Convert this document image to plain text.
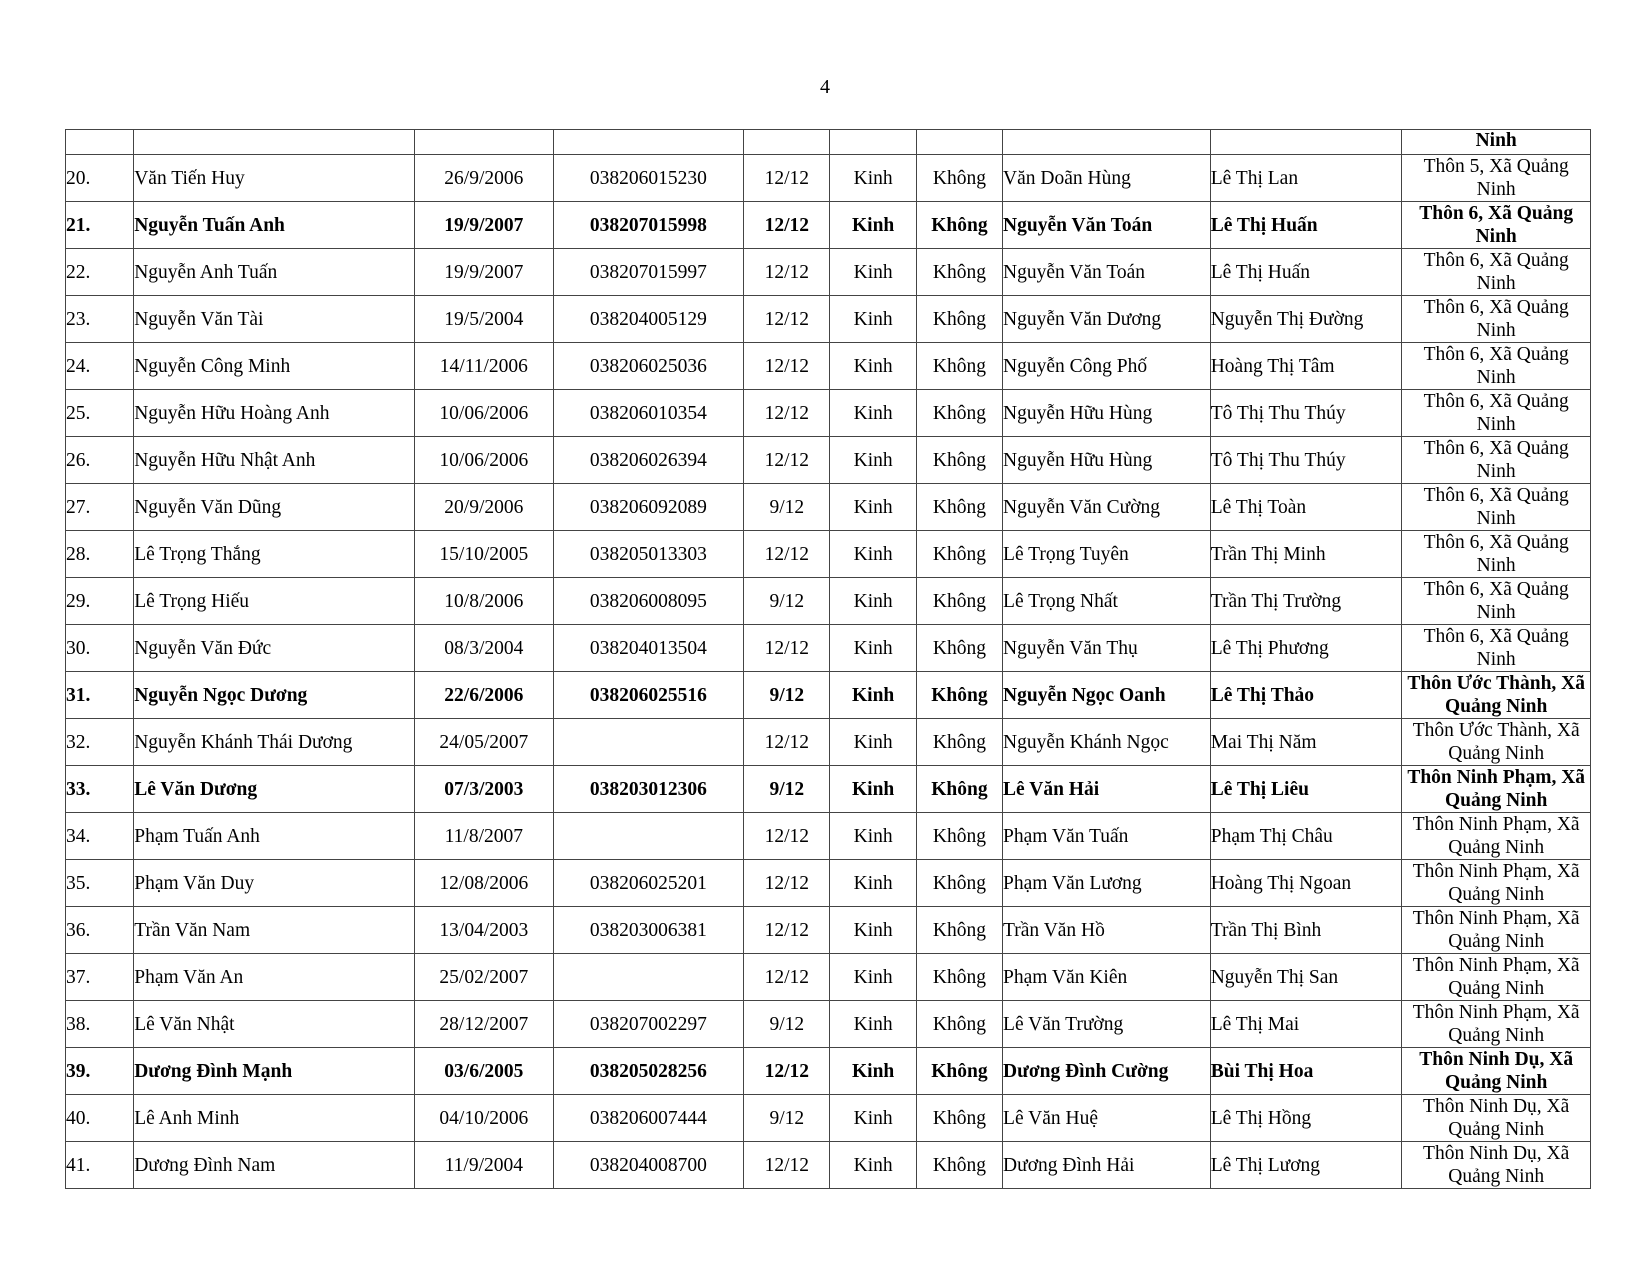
4
									Ninh
20.	Văn Tiến Huy	26/9/2006	038206015230	12/12	Kinh	Không	Văn Doãn Hùng	Lê Thị Lan	Thôn 5, Xã Quảng Ninh
21.	Nguyễn Tuấn Anh	19/9/2007	038207015998	12/12	Kinh	Không	Nguyễn Văn Toán	Lê Thị Huấn	Thôn 6, Xã Quảng Ninh
22.	Nguyễn Anh Tuấn	19/9/2007	038207015997	12/12	Kinh	Không	Nguyễn Văn Toán	Lê Thị Huấn	Thôn 6, Xã Quảng Ninh
23.	Nguyễn Văn Tài	19/5/2004	038204005129	12/12	Kinh	Không	Nguyễn Văn Dương	Nguyễn Thị Đường	Thôn 6, Xã Quảng Ninh
24.	Nguyễn Công Minh	14/11/2006	038206025036	12/12	Kinh	Không	Nguyễn Công Phố	Hoàng Thị Tâm	Thôn 6, Xã Quảng Ninh
25.	Nguyễn Hữu Hoàng Anh	10/06/2006	038206010354	12/12	Kinh	Không	Nguyễn Hữu Hùng	Tô Thị Thu Thúy	Thôn 6, Xã Quảng Ninh
26.	Nguyễn Hữu Nhật Anh	10/06/2006	038206026394	12/12	Kinh	Không	Nguyễn Hữu Hùng	Tô Thị Thu Thúy	Thôn 6, Xã Quảng Ninh
27.	Nguyễn Văn Dũng	20/9/2006	038206092089	9/12	Kinh	Không	Nguyễn Văn Cường	Lê Thị Toàn	Thôn 6, Xã Quảng Ninh
28.	Lê Trọng Thắng	15/10/2005	038205013303	12/12	Kinh	Không	Lê Trọng Tuyên	Trần Thị Minh	Thôn 6, Xã Quảng Ninh
29.	Lê Trọng Hiếu	10/8/2006	038206008095	9/12	Kinh	Không	Lê Trọng Nhất	Trần Thị Trường	Thôn 6, Xã Quảng Ninh
30.	Nguyễn Văn Đức	08/3/2004	038204013504	12/12	Kinh	Không	Nguyễn Văn Thụ	Lê Thị Phương	Thôn 6, Xã Quảng Ninh
31.	Nguyễn Ngọc Dương	22/6/2006	038206025516	9/12	Kinh	Không	Nguyễn Ngọc Oanh	Lê Thị Thảo	Thôn Ước Thành, Xã Quảng Ninh
32.	Nguyễn Khánh Thái Dương	24/05/2007		12/12	Kinh	Không	Nguyễn Khánh Ngọc	Mai Thị Năm	Thôn Ước Thành, Xã Quảng Ninh
33.	Lê Văn Dương	07/3/2003	038203012306	9/12	Kinh	Không	Lê Văn Hải	Lê Thị Liêu	Thôn Ninh Phạm, Xã Quảng Ninh
34.	Phạm Tuấn Anh	11/8/2007		12/12	Kinh	Không	Phạm Văn Tuấn	Phạm Thị Châu	Thôn Ninh Phạm, Xã Quảng Ninh
35.	Phạm Văn Duy	12/08/2006	038206025201	12/12	Kinh	Không	Phạm Văn Lương	Hoàng Thị Ngoan	Thôn Ninh Phạm, Xã Quảng Ninh
36.	Trần Văn Nam	13/04/2003	038203006381	12/12	Kinh	Không	Trần Văn Hồ	Trần Thị Bình	Thôn Ninh Phạm, Xã Quảng Ninh
37.	Phạm Văn An	25/02/2007		12/12	Kinh	Không	Phạm Văn Kiên	Nguyễn Thị San	Thôn Ninh Phạm, Xã Quảng Ninh
38.	Lê Văn Nhật	28/12/2007	038207002297	9/12	Kinh	Không	Lê Văn Trường	Lê Thị Mai	Thôn Ninh Phạm, Xã Quảng Ninh
39.	Dương Đình Mạnh	03/6/2005	038205028256	12/12	Kinh	Không	Dương Đình Cường	Bùi Thị Hoa	Thôn Ninh Dụ, Xã Quảng Ninh
40.	Lê Anh Minh	04/10/2006	038206007444	9/12	Kinh	Không	Lê Văn Huệ	Lê Thị Hồng	Thôn Ninh Dụ, Xã Quảng Ninh
41.	Dương Đình Nam	11/9/2004	038204008700	12/12	Kinh	Không	Dương Đình Hải	Lê Thị Lương	Thôn Ninh Dụ, Xã Quảng Ninh
